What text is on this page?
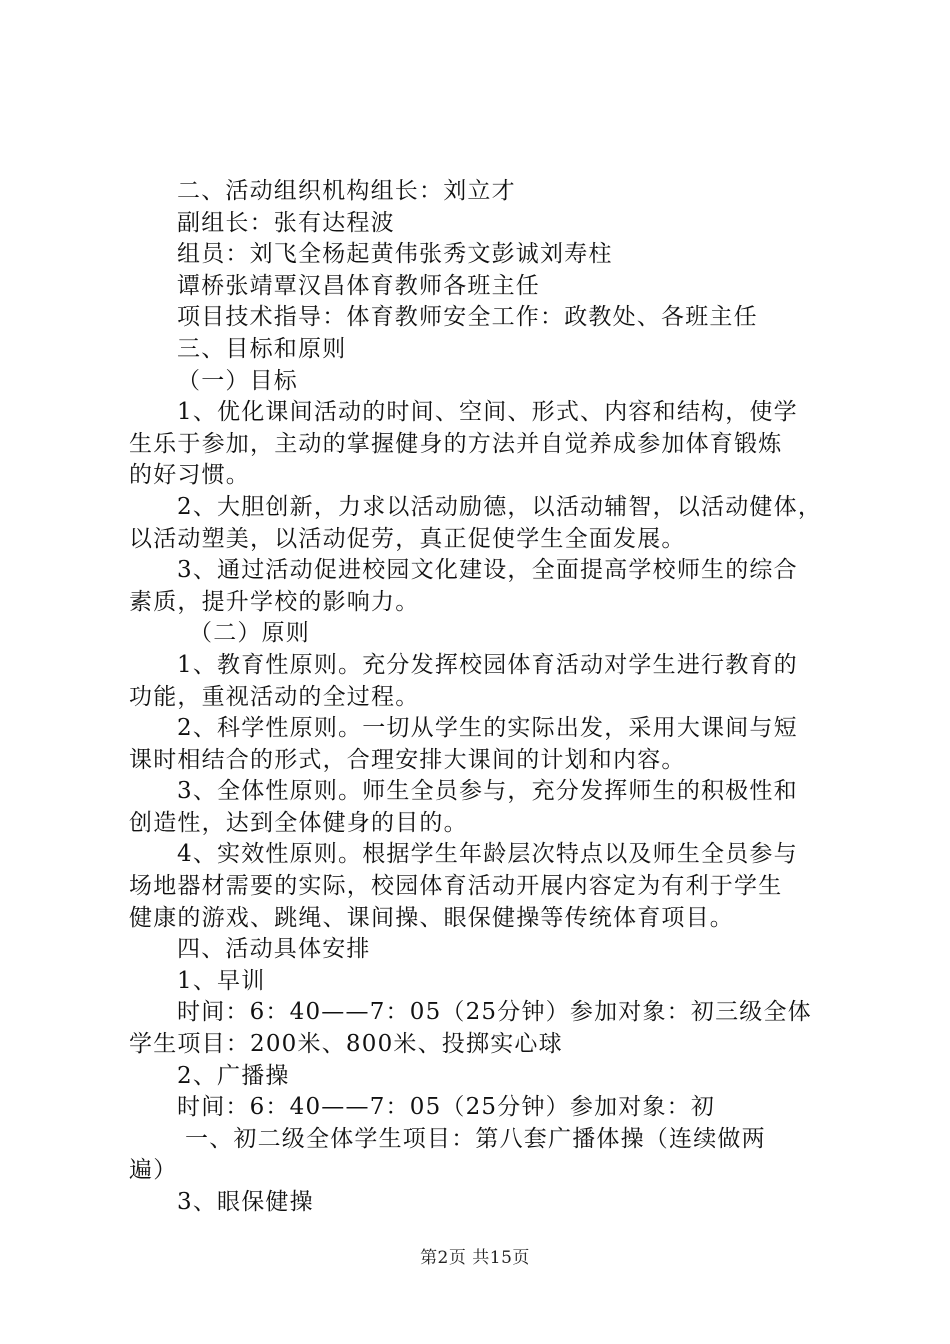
二、活动组织机构组长：刘立才
副组长：张有达程波
组员：刘飞全杨起黄伟张秀文彭诚刘寿柱
谭桥张靖覃汉昌体育教师各班主任
项目技术指导：体育教师安全工作：政教处、各班主任
三、目标和原则
（一）目标
1、优化课间活动的时间、空间、形式、内容和结构，使学
生乐于参加，主动的掌握健身的方法并自觉养成参加体育锻炼
的好习惯。
2、大胆创新，力求以活动励德，以活动辅智，以活动健体，
以活动塑美，以活动促劳，真正促使学生全面发展。
3、通过活动促进校园文化建设，全面提高学校师生的综合
素质，提升学校的影响力。
（二）原则
1、教育性原则。充分发挥校园体育活动对学生进行教育的
功能，重视活动的全过程。
2、科学性原则。一切从学生的实际出发，采用大课间与短
课时相结合的形式，合理安排大课间的计划和内容。
3、全体性原则。师生全员参与，充分发挥师生的积极性和
创造性，达到全体健身的目的。
4、实效性原则。根据学生年龄层次特点以及师生全员参与
场地器材需要的实际，校园体育活动开展内容定为有利于学生
健康的游戏、跳绳、课间操、眼保健操等传统体育项目。
四、活动具体安排
1、早训
时间：6：40——7：05（25分钟）参加对象：初三级全体
学生项目：200米、800米、投掷实心球
2、广播操
时间：6：40——7：05（25分钟）参加对象：初
一、初二级全体学生项目：第八套广播体操（连续做两
遍）
3、眼保健操
第2页 共15页
